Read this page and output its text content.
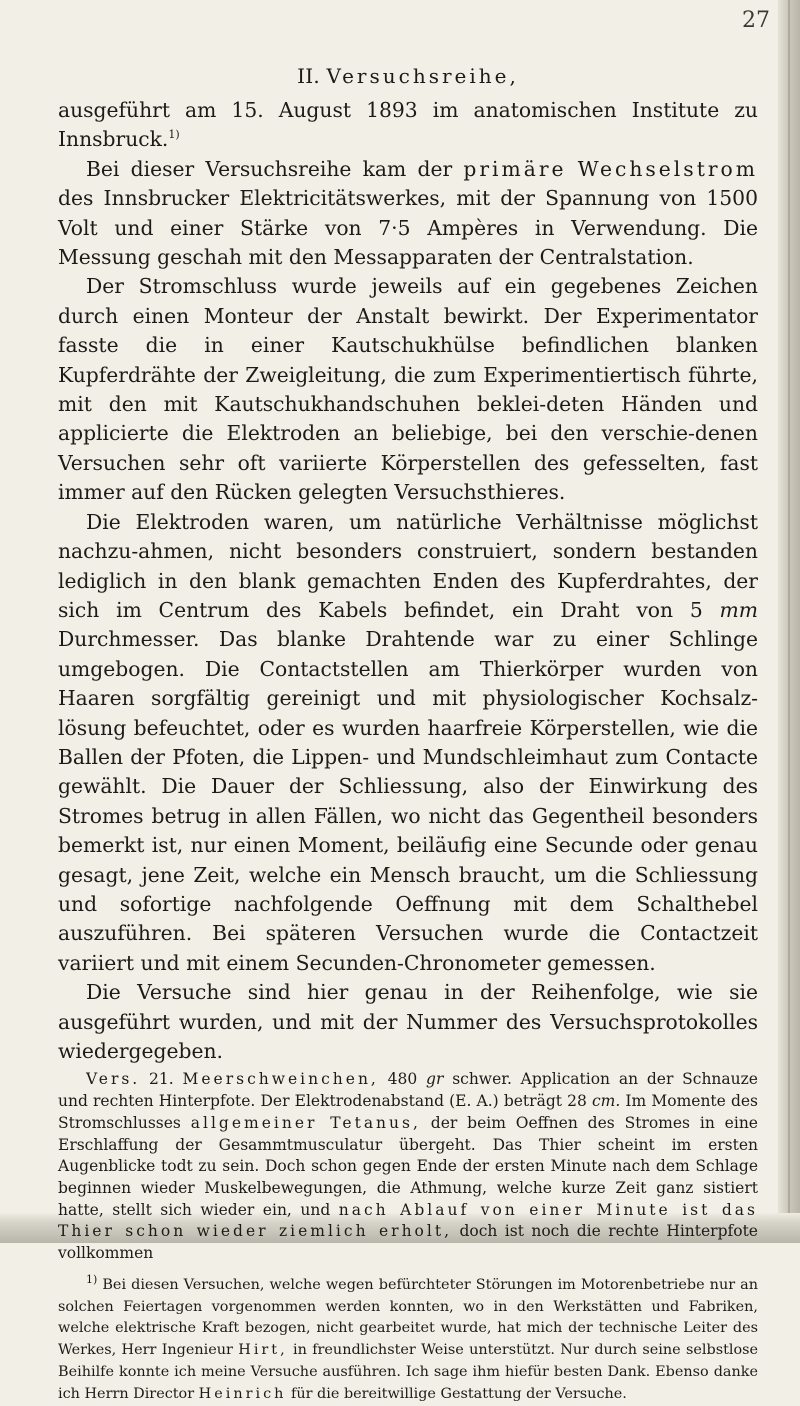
27
II. Versuchsreihe,

ausgeführt am 15. August 1893 im anatomischen Institute zu Innsbruck.$^{1)}$

Bei dieser Versuchsreihe kam der primäre Wechselstrom des Innsbrucker Elektricitätswerkes, mit der Spannung von 1500 Volt und einer Stärke von 7·5 Ampères in Verwendung. Die Messung geschah mit den Messapparaten der Centralstation.

Der Stromschluss wurde jeweils auf ein gegebenes Zeichen durch einen Monteur der Anstalt bewirkt. Der Experimentator fasste die in einer Kautschukhülse befindlichen blanken Kupferdrähte der Zweigleitung, die zum Experimentiertisch führte, mit den mit Kautschukhandschuhen beklei-deten Händen und applicierte die Elektroden an beliebige, bei den verschie-denen Versuchen sehr oft variierte Körperstellen des gefesselten, fast immer auf den Rücken gelegten Versuchsthieres.

Die Elektroden waren, um natürliche Verhältnisse möglichst nachzu-ahmen, nicht besonders construiert, sondern bestanden lediglich in den blank gemachten Enden des Kupferdrahtes, der sich im Centrum des Kabels befindet, ein Draht von 5 mm Durchmesser. Das blanke Drahtende war zu einer Schlinge umgebogen. Die Contactstellen am Thierkörper wurden von Haaren sorgfältig gereinigt und mit physiologischer Kochsalz-lösung befeuchtet, oder es wurden haarfreie Körperstellen, wie die Ballen der Pfoten, die Lippen- und Mundschleimhaut zum Contacte gewählt. Die Dauer der Schliessung, also der Einwirkung des Stromes betrug in allen Fällen, wo nicht das Gegentheil besonders bemerkt ist, nur einen Moment, beiläufig eine Secunde oder genau gesagt, jene Zeit, welche ein Mensch braucht, um die Schliessung und sofortige nachfolgende Oeffnung mit dem Schalthebel auszuführen. Bei späteren Versuchen wurde die Contactzeit variiert und mit einem Secunden-Chronometer gemessen.

Die Versuche sind hier genau in der Reihenfolge, wie sie ausgeführt wurden, und mit der Nummer des Versuchsprotokolles wiedergegeben.

Vers. 21. Meerschweinchen, 480 gr schwer. Application an der Schnauze und rechten Hinterpfote. Der Elektrodenabstand (E. A.) beträgt 28 cm. Im Momente des Stromschlusses allgemeiner Tetanus, der beim Oeffnen des Stromes in eine Erschlaffung der Gesammtmusculatur übergeht. Das Thier scheint im ersten Augenblicke todt zu sein. Doch schon gegen Ende der ersten Minute nach dem Schlage beginnen wieder Muskelbewegungen, die Athmung, welche kurze Zeit ganz sistiert hatte, stellt sich wieder ein, und nach Ablauf von einer Minute ist das Thier schon wieder ziemlich erholt, doch ist noch die rechte Hinterpfote vollkommen

$^{1)}$ Bei diesen Versuchen, welche wegen befürchteter Störungen im Motorenbetriebe nur an solchen Feiertagen vorgenommen werden konnten, wo in den Werkstätten und Fabriken, welche elektrische Kraft bezogen, nicht gearbeitet wurde, hat mich der technische Leiter des Werkes, Herr Ingenieur Hirt, in freundlichster Weise unterstützt. Nur durch seine selbstlose Beihilfe konnte ich meine Versuche ausführen. Ich sage ihm hiefür besten Dank. Ebenso danke ich Herrn Director Heinrich für die bereitwillige Gestattung der Versuche.
